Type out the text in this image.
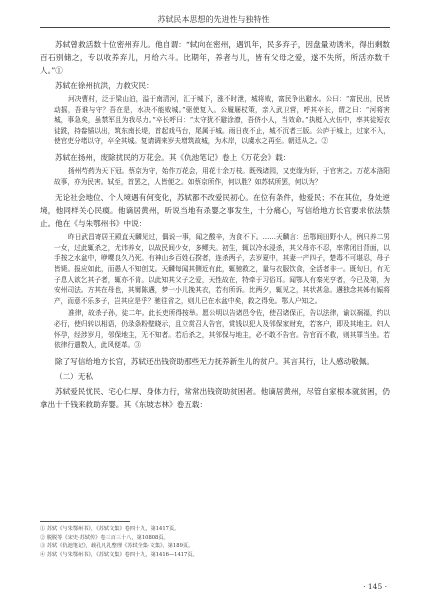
苏轼民本思想的先进性与独特性

苏轼曾救活数十位密州弃儿。他自谓：“轼向在密州，遇饥年，民多弃子，因盘量劝诱米，得出剩数百石别储之，专以收养弃儿，月给六斗。比期年，养者与儿，皆有父母之爱，遂不失所，所活亦数千人。”①

苏轼在徐州抗洪，力救灾民：

河决曹村，泛于梁山泊，溢于南清河，汇于城下，涨不时泄，城将败，富民争出避水。公曰：“富民出，民皆动摇，吾谁与守？吾在是，水决不能败城。”驱使复入。公履屦杖策，亲入武卫营，呼其卒长，谓之曰：“河将害城，事急矣，虽禁军且为我尽力。”卒长呼曰：“太守犹不避涂潦，吾侪小人，当效命。”执梃入火伍中，率其徒短衣徒跣，持畚锸以出，筑东南长堤，首起戏马台，尾属于城。雨日夜不止，城不沉者三版。公庐于城上，过家不入，使官吏分堵以守，卒全其城。复请调来岁夫增筑故城，为木岸，以虞水之再至。朝廷从之。②

苏轼在扬州，废除扰民的万花会。其《仇池笔记》卷上《万花会》载：

扬州芍药为天下冠。蔡京为守，始作万花会，用花十余万枝。既残诸园，又吏缘为奸，于官害之。万花本洛阳故事，亦为民害。轼至，首罢之，人皆便之。如蔡京所作，何以胜？如苏轼所罢，何以为？

无论社会地位、个人境遇有何变化，苏轼都不改爱民初心。在位有条件，他爱民；不在其位，身处逆境，他同样关心民瘼。他谪居黄州，听说当地有杀婴之事发生，十分痛心，写信给地方长官要求依法禁止。他在《与朱鄂州书》中说：

昨日武昌寄居王殿直天麟见过，偶说一事，闻之酸辛，为食不下。……天麟言：岳鄂间田野小人，例只养二男一女，过此辄杀之，尤讳养女，以故民间少女，多鳏夫。初生，辄以冷水浸杀，其父母亦不忍，率常闭目背面，以手按之水盆中，咿嘤良久乃死。有神山乡百姓石揆者，连杀两子，去岁夏中，其妻一产四子，楚毒不可堪忍，母子皆毙。报应如此，而愚人不知创艾。天麟每闻其侧近有此，辄驰救之，量与衣服饮食，全活者非一。既旬日，有无子息人欲乞其子者，辄亦不肯。以此知其父子之爱，天性故在，特牵于习俗耳。闻鄂人有秦光亨者，今已及第，为安州司法。方其在母也，其舅陈遘，梦一小儿挽其衣，若有所诉。比两夕，辄见之，其状甚急。遘独念其姊有娠将产，而意不乐多子，岂其应是乎？驰往省之，则儿已在水盆中矣，救之得免。鄂人户知之。

准律，故杀子孙，徒二年。此长吏所得按举。愿公明以告诸邑令佐，使召诸保正，告以法律，谕以祸福，约以必行，使归转以相语，仍录条粉壁晓示，且立赏召人告官，赏钱以犯人及邻保家财充，若客户，即及其地主。妇人怀孕，经涉岁月，邻保地主，无不知者。若后杀之，其邻保与地主，必不敢不告官。告官而不救，则其罪当坐。若依律行遣数人，此风便革。③

除了写信给地方长官，苏轼还出钱资助那些无力抚养新生儿的贫户。其言其行，让人感动敬佩。

（二）无私

苏轼爱民忧民、宅心仁厚、身体力行，常常出钱资助贫困者。他谪居黄州，尽管自家根本就贫困，仍拿出十千钱来救助弃婴。其《东坡志林》卷五载：

① 苏轼《与朱鄂州书》，《苏轼文集》卷四十九，第1417页。
② 脱脱等《宋史·苏轼传》卷三百三十八，第10808页。
③ 苏轼《仇池笔记》，载孔凡礼整理《苏轼全集·文集》，第189页。
④ 苏轼《与朱鄂州书》，《苏轼文集》卷四十九，第1416—1417页。
· 145 ·
